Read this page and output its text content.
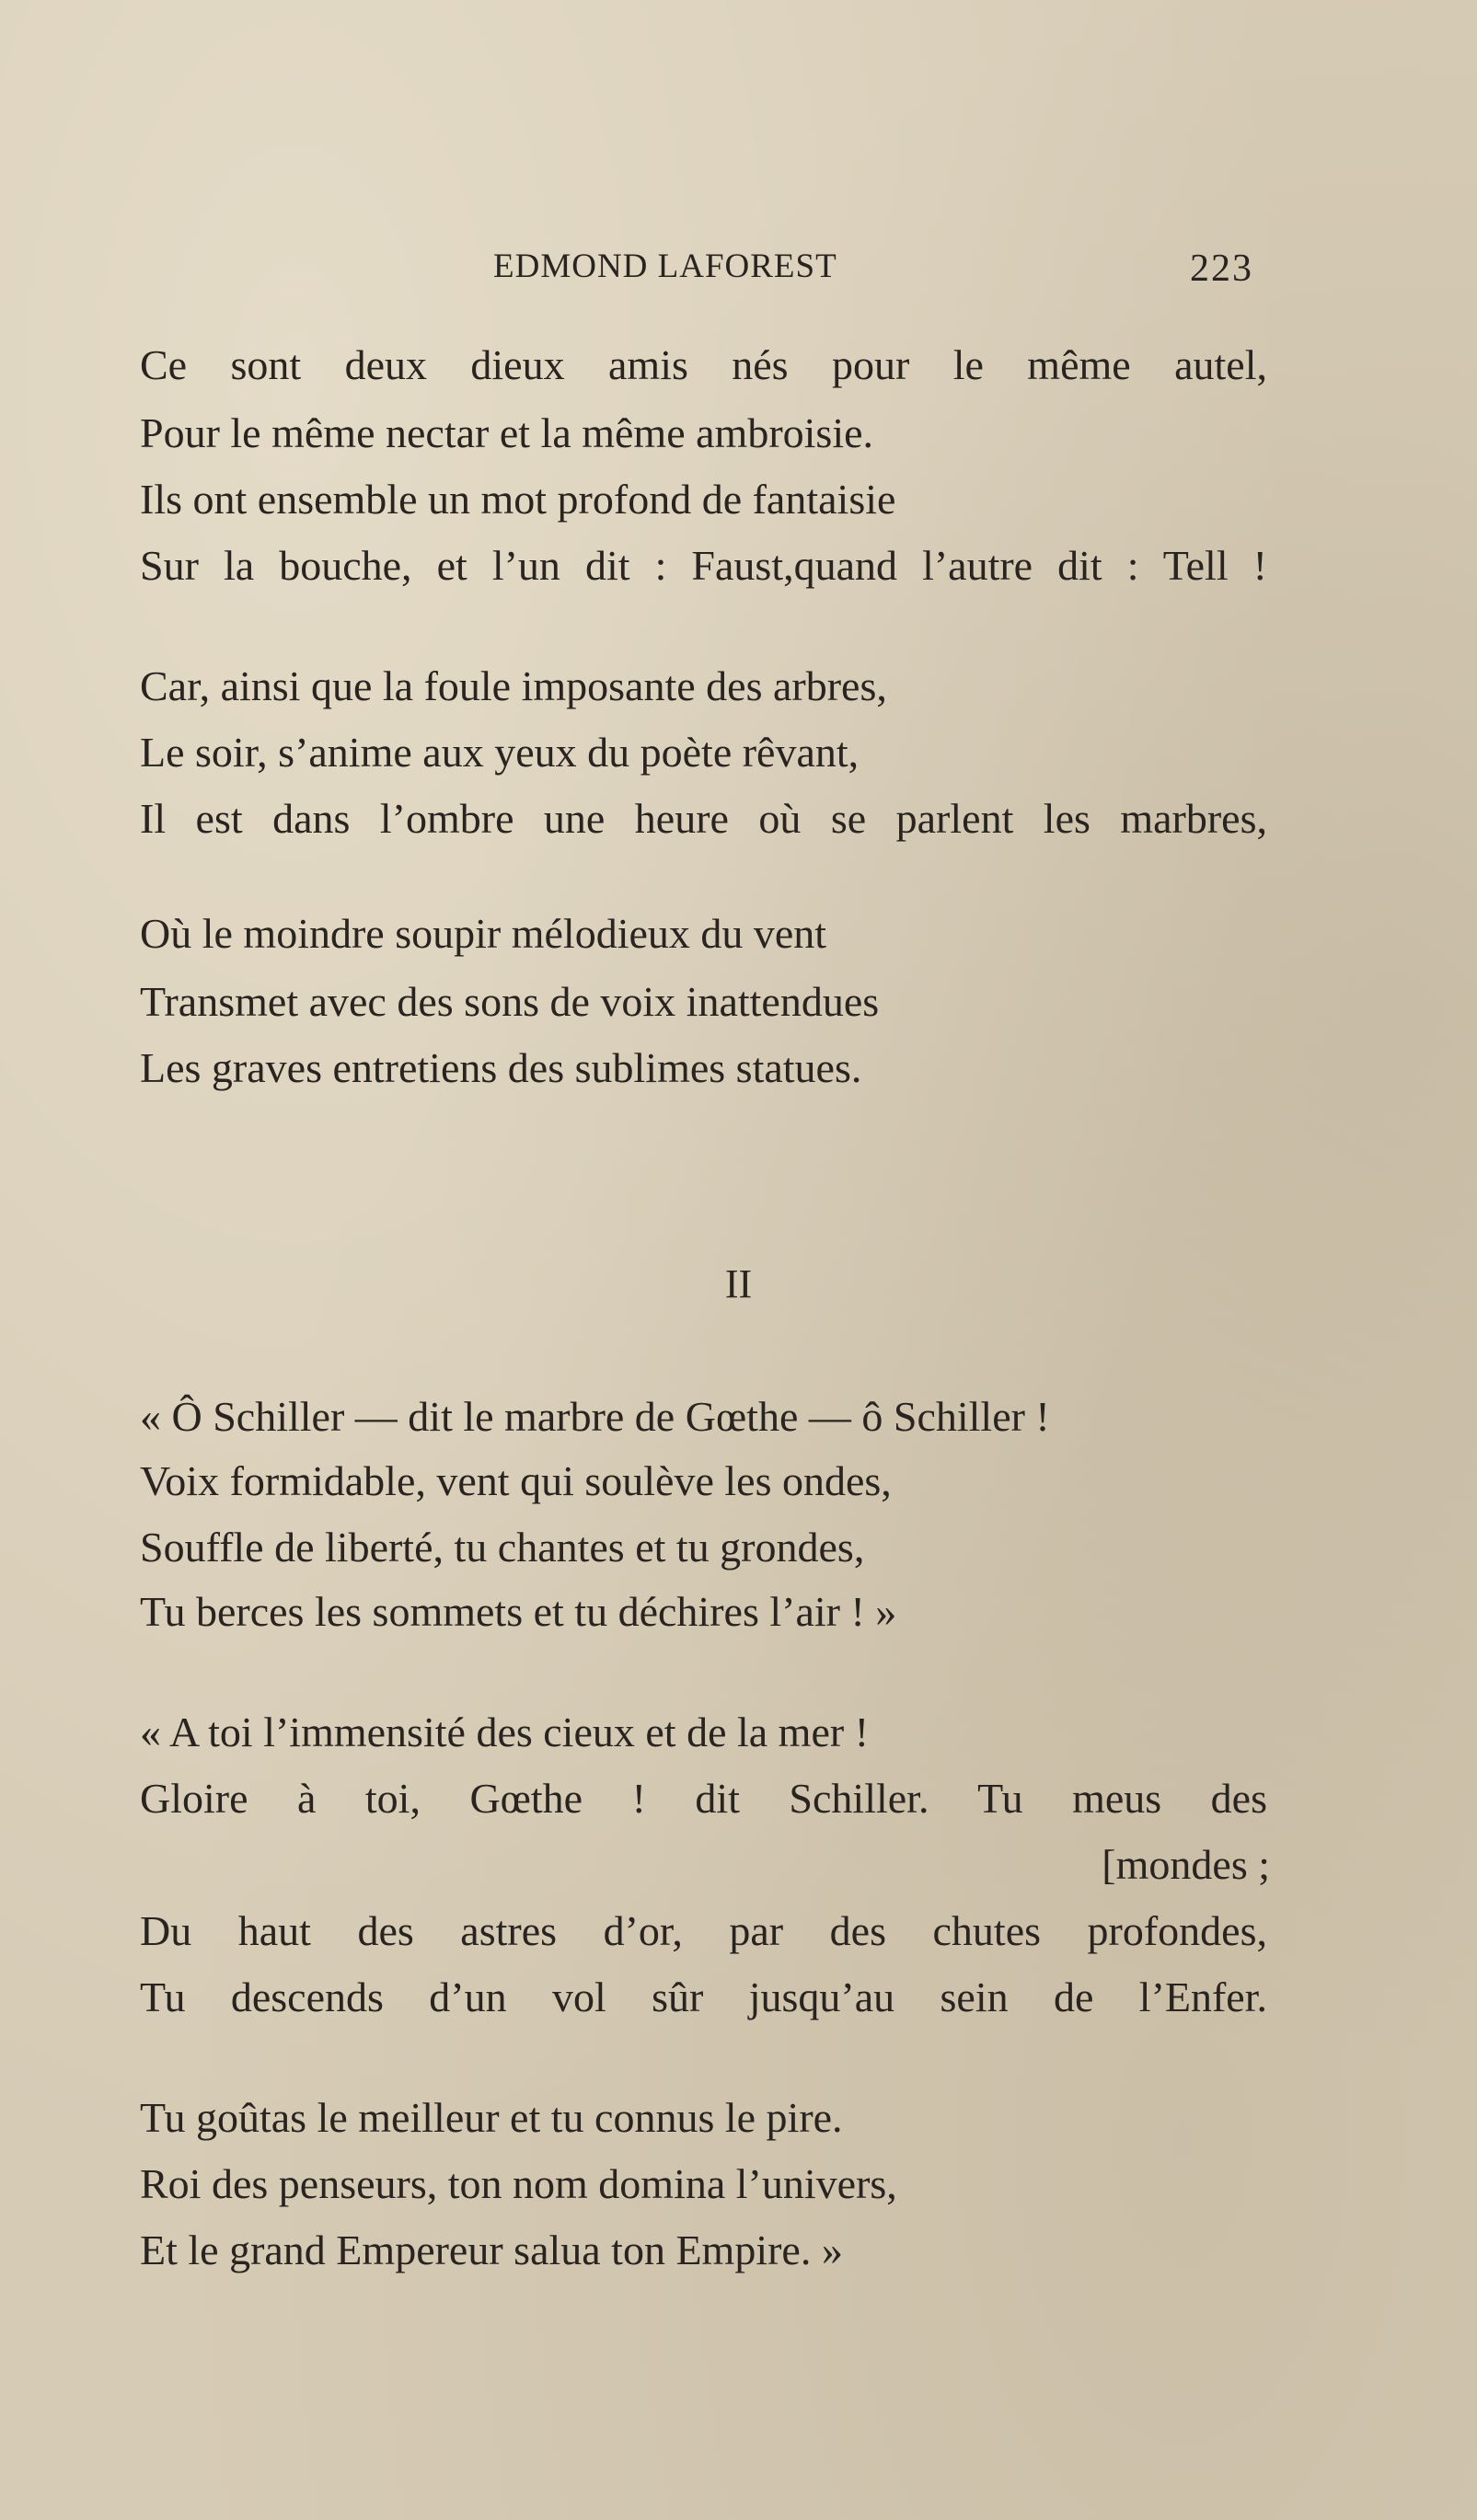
EDMOND LAFOREST	223
Ce sont deux dieux amis nés pour le même autel,
Pour le même nectar et la même ambroisie.
Ils ont ensemble un mot profond de fantaisie
Sur la bouche, et l’un dit : Faust,quand l’autre dit : Tell !
Car, ainsi que la foule imposante des arbres,
Le soir, s’anime aux yeux du poète rêvant,
Il est dans l’ombre une heure où se parlent les marbres,
Où le moindre soupir mélodieux du vent
Transmet avec des sons de voix inattendues
Les graves entretiens des sublimes statues.
II
« Ô Schiller — dit le marbre de Gœthe — ô Schiller !
Voix formidable, vent qui soulève les ondes,
Souffle de liberté, tu chantes et tu grondes,
Tu berces les sommets et tu déchires l’air ! »
« A toi l’immensité des cieux et de la mer !
Gloire à toi, Gœthe ! dit Schiller. Tu meus des
[mondes ;
Du haut des astres d’or, par des chutes profondes,
Tu descends d’un vol sûr jusqu’au sein de l’Enfer.
Tu goûtas le meilleur et tu connus le pire.
Roi des penseurs, ton nom domina l’univers,
Et le grand Empereur salua ton Empire. »
